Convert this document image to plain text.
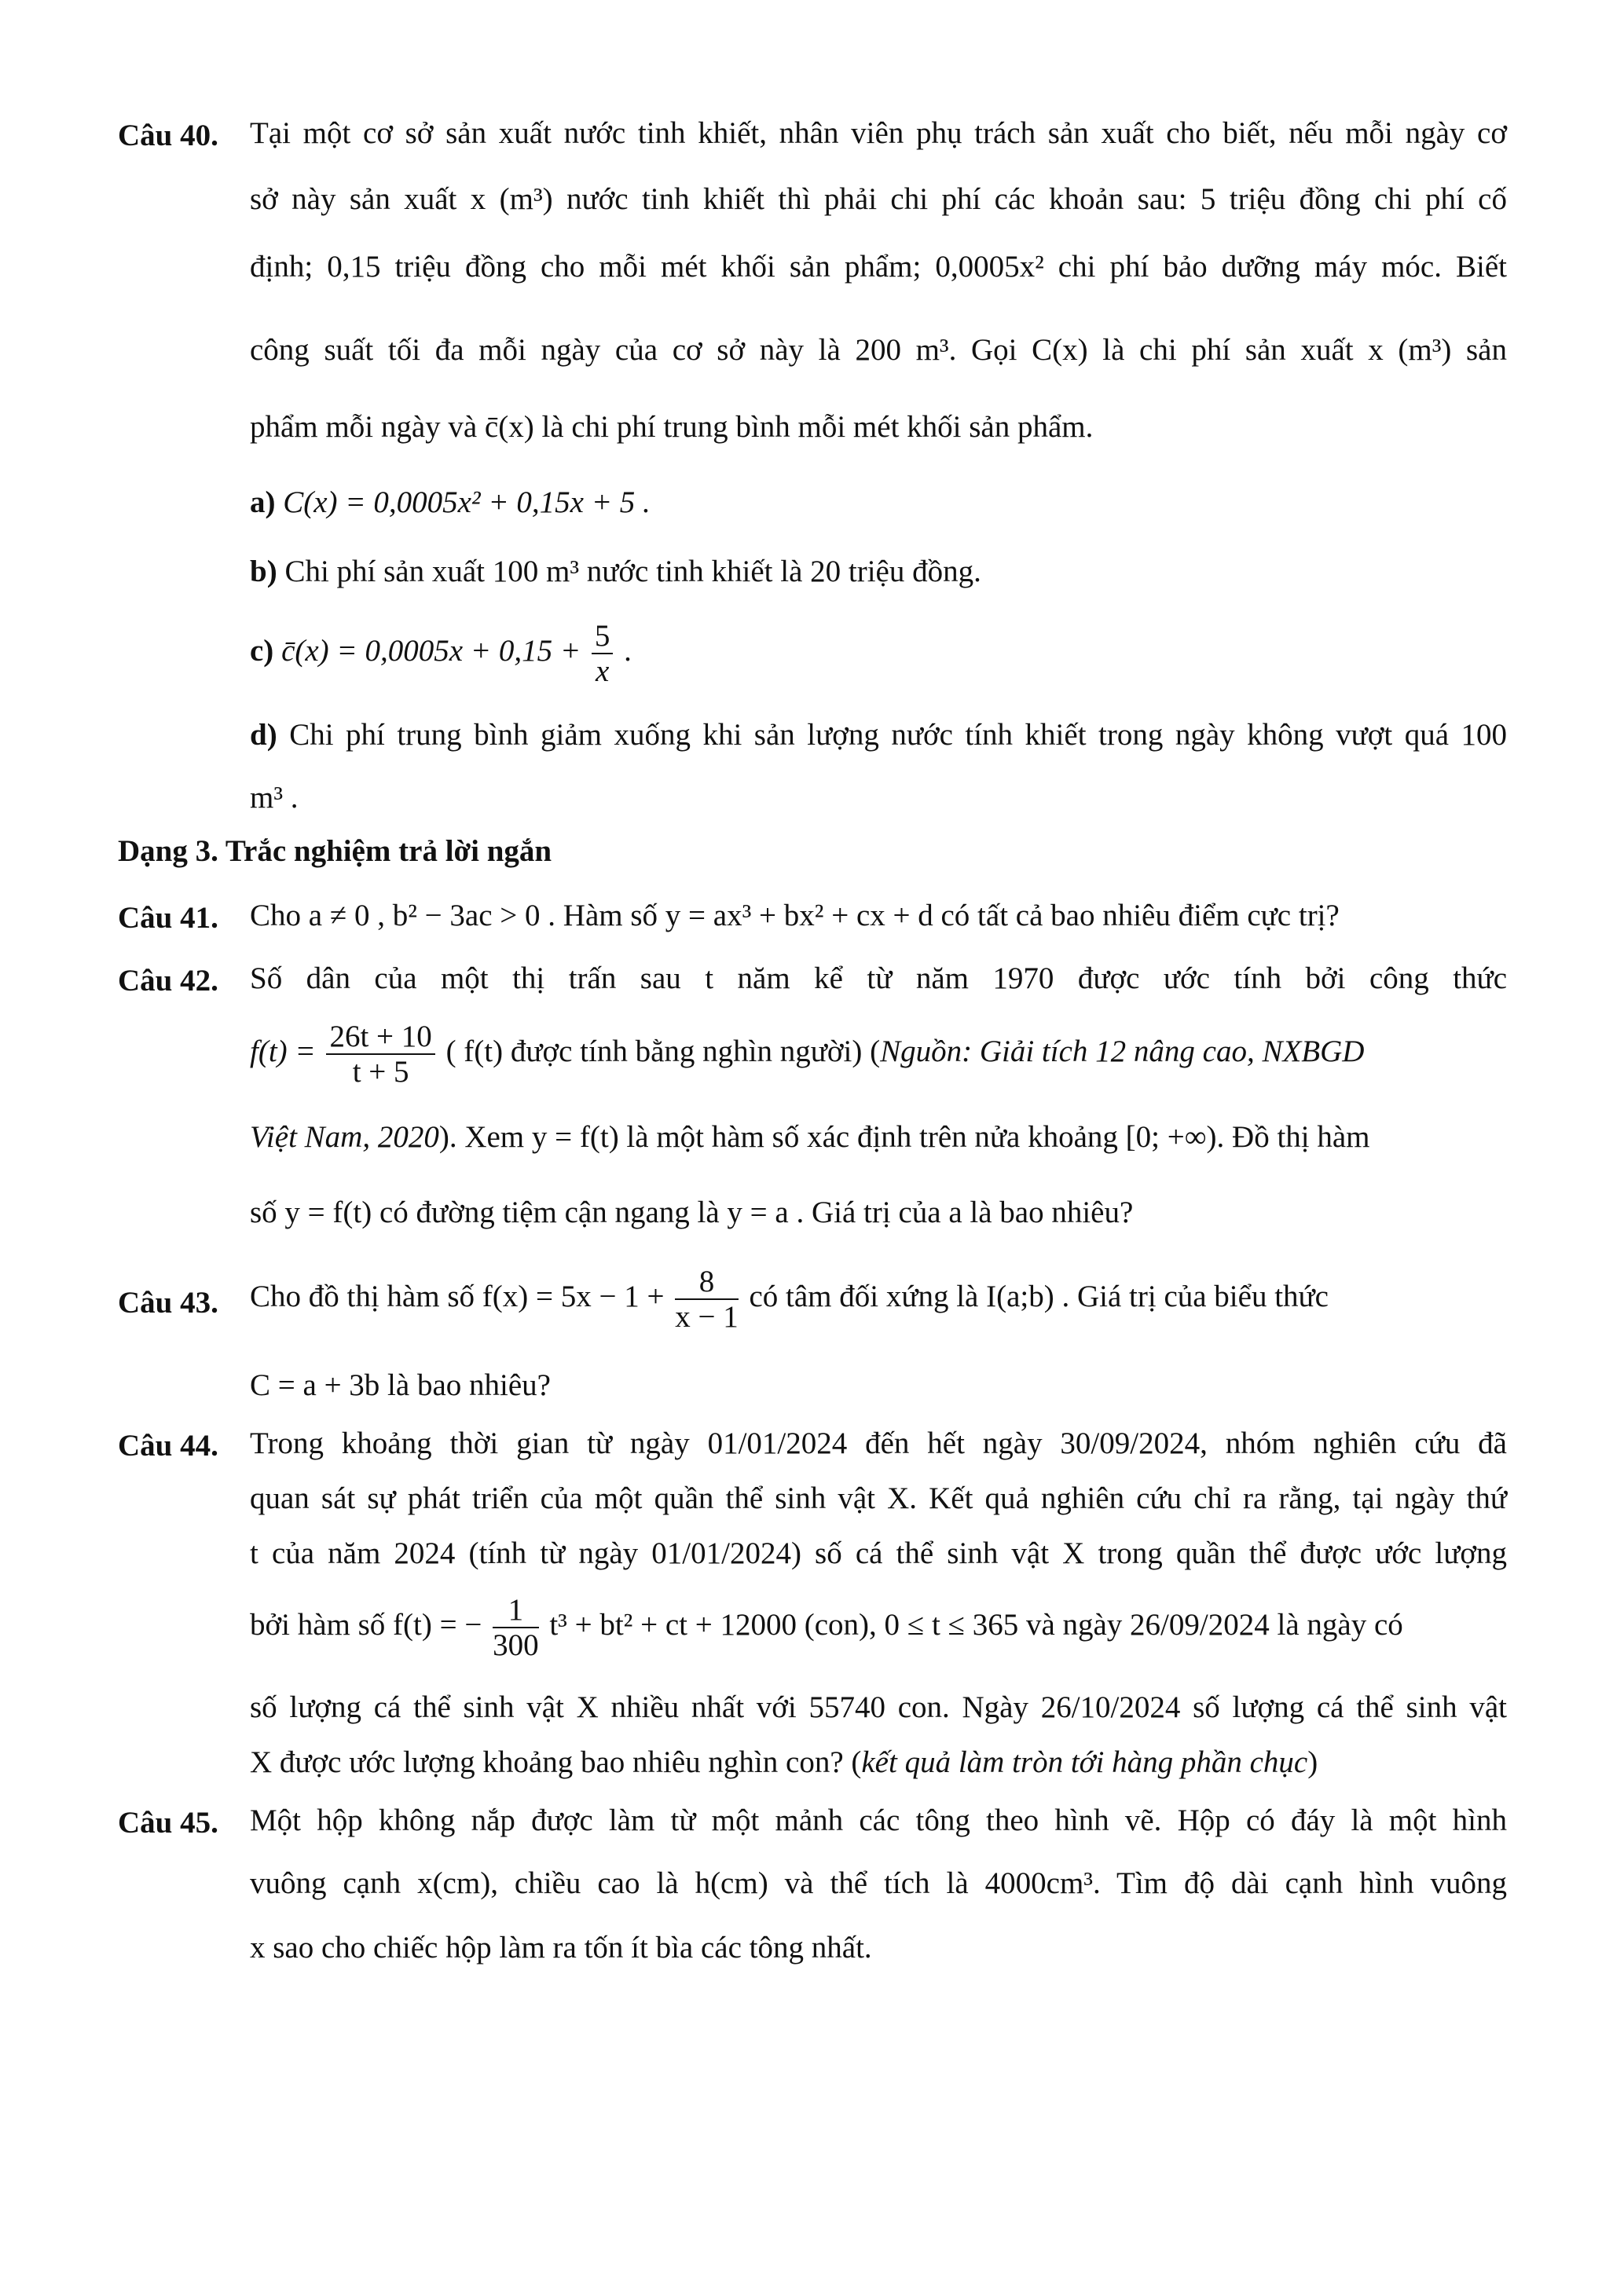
Câu 40. Tại một cơ sở sản xuất nước tinh khiết, nhân viên phụ trách sản xuất cho biết, nếu mỗi ngày cơ
sở này sản xuất x (m³) nước tinh khiết thì phải chi phí các khoản sau: 5 triệu đồng chi phí cố
định; 0,15 triệu đồng cho mỗi mét khối sản phẩm; 0,0005x² chi phí bảo dưỡng máy móc. Biết
công suất tối đa mỗi ngày của cơ sở này là 200 m³. Gọi C(x) là chi phí sản xuất x (m³) sản
phẩm mỗi ngày và c̄(x) là chi phí trung bình mỗi mét khối sản phẩm.
a) C(x) = 0,0005x² + 0,15x + 5 .
b) Chi phí sản xuất 100 m³ nước tinh khiết là 20 triệu đồng.
c) c̄(x) = $0,0005x + 0,15 + \frac{5}{x}$ .
d) Chi phí trung bình giảm xuống khi sản lượng nước tính khiết trong ngày không vượt quá 100
m³ .
Dạng 3. Trắc nghiệm trả lời ngắn
Câu 41. Cho a ≠ 0 , b² − 3ac > 0 . Hàm số y = ax³ + bx² + cx + d có tất cả bao nhiêu điểm cực trị?
Câu 42. Số dân của một thị trấn sau t năm kể từ năm 1970 được ước tính bởi công thức
$f(t) = \frac{26t + 10}{t + 5}$ ( f(t) được tính bằng nghìn người) (Nguồn: Giải tích 12 nâng cao, NXBGD
Việt Nam, 2020). Xem y = f(t) là một hàm số xác định trên nửa khoảng [0; +∞). Đồ thị hàm
số y = f(t) có đường tiệm cận ngang là y = a . Giá trị của a là bao nhiêu?
Câu 43. Cho đồ thị hàm số $f(x) = 5x - 1 + \frac{8}{x - 1}$ có tâm đối xứng là I(a;b) . Giá trị của biểu thức
C = a + 3b là bao nhiêu?
Câu 44. Trong khoảng thời gian từ ngày 01/01/2024 đến hết ngày 30/09/2024, nhóm nghiên cứu đã
quan sát sự phát triển của một quần thể sinh vật X. Kết quả nghiên cứu chỉ ra rằng, tại ngày thứ
t của năm 2024 (tính từ ngày 01/01/2024) số cá thể sinh vật X trong quần thể được ước lượng
bởi hàm số f(t) = − $\frac{1}{300} t^3 + bt^2$ + ct + 12000 (con), 0 ≤ t ≤ 365 và ngày 26/09/2024 là ngày có
số lượng cá thể sinh vật X nhiều nhất với 55740 con. Ngày 26/10/2024 số lượng cá thể sinh vật
X được ước lượng khoảng bao nhiêu nghìn con? (kết quả làm tròn tới hàng phần chục)
Câu 45. Một hộp không nắp được làm từ một mảnh các tông theo hình vẽ. Hộp có đáy là một hình
vuông cạnh x(cm), chiều cao là h(cm) và thể tích là 4000cm³. Tìm độ dài cạnh hình vuông
x sao cho chiếc hộp làm ra tốn ít bìa các tông nhất.
